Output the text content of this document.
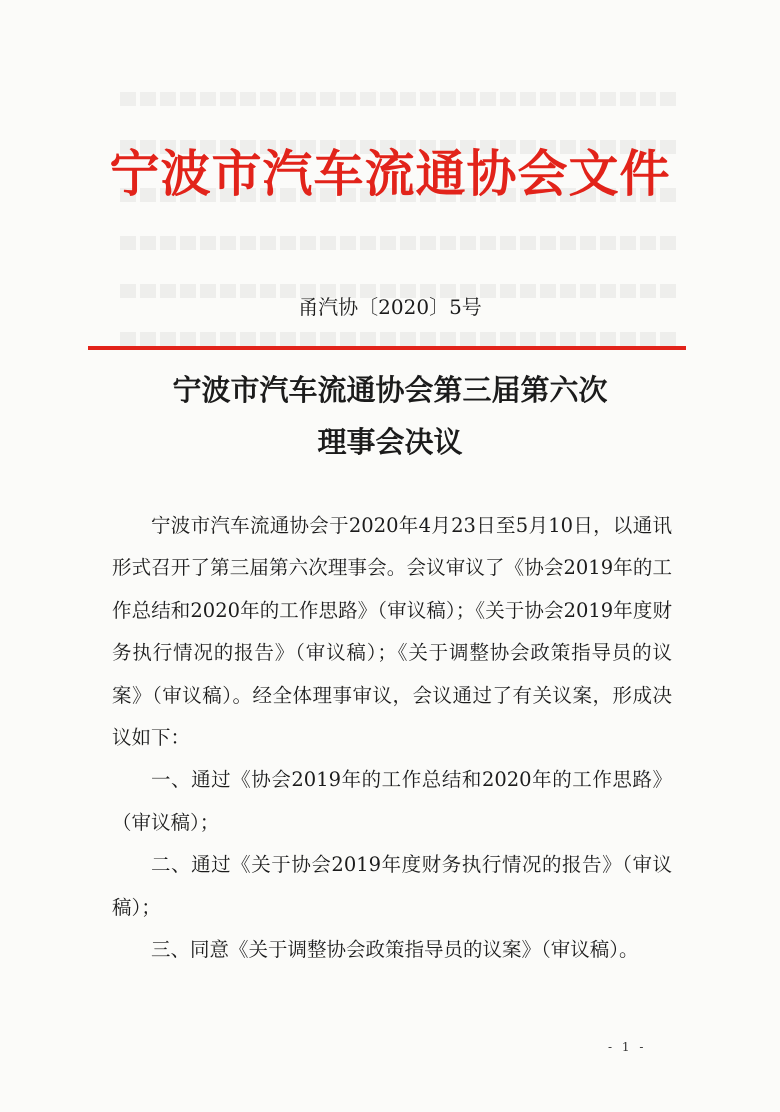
宁波市汽车流通协会文件
甬汽协〔2020〕5号
宁波市汽车流通协会第三届第六次
理事会决议

宁波市汽车流通协会于2020年4月23日至5月10日，以通讯形式召开了第三届第六次理事会。会议审议了《协会2019年的工作总结和2020年的工作思路》（审议稿）；《关于协会2019年度财务执行情况的报告》（审议稿）；《关于调整协会政策指导员的议案》（审议稿）。经全体理事审议，会议通过了有关议案，形成决议如下：

一、通过《协会2019年的工作总结和2020年的工作思路》（审议稿）；

二、通过《关于协会2019年度财务执行情况的报告》（审议稿）；

三、同意《关于调整协会政策指导员的议案》（审议稿）。

- 1 -
